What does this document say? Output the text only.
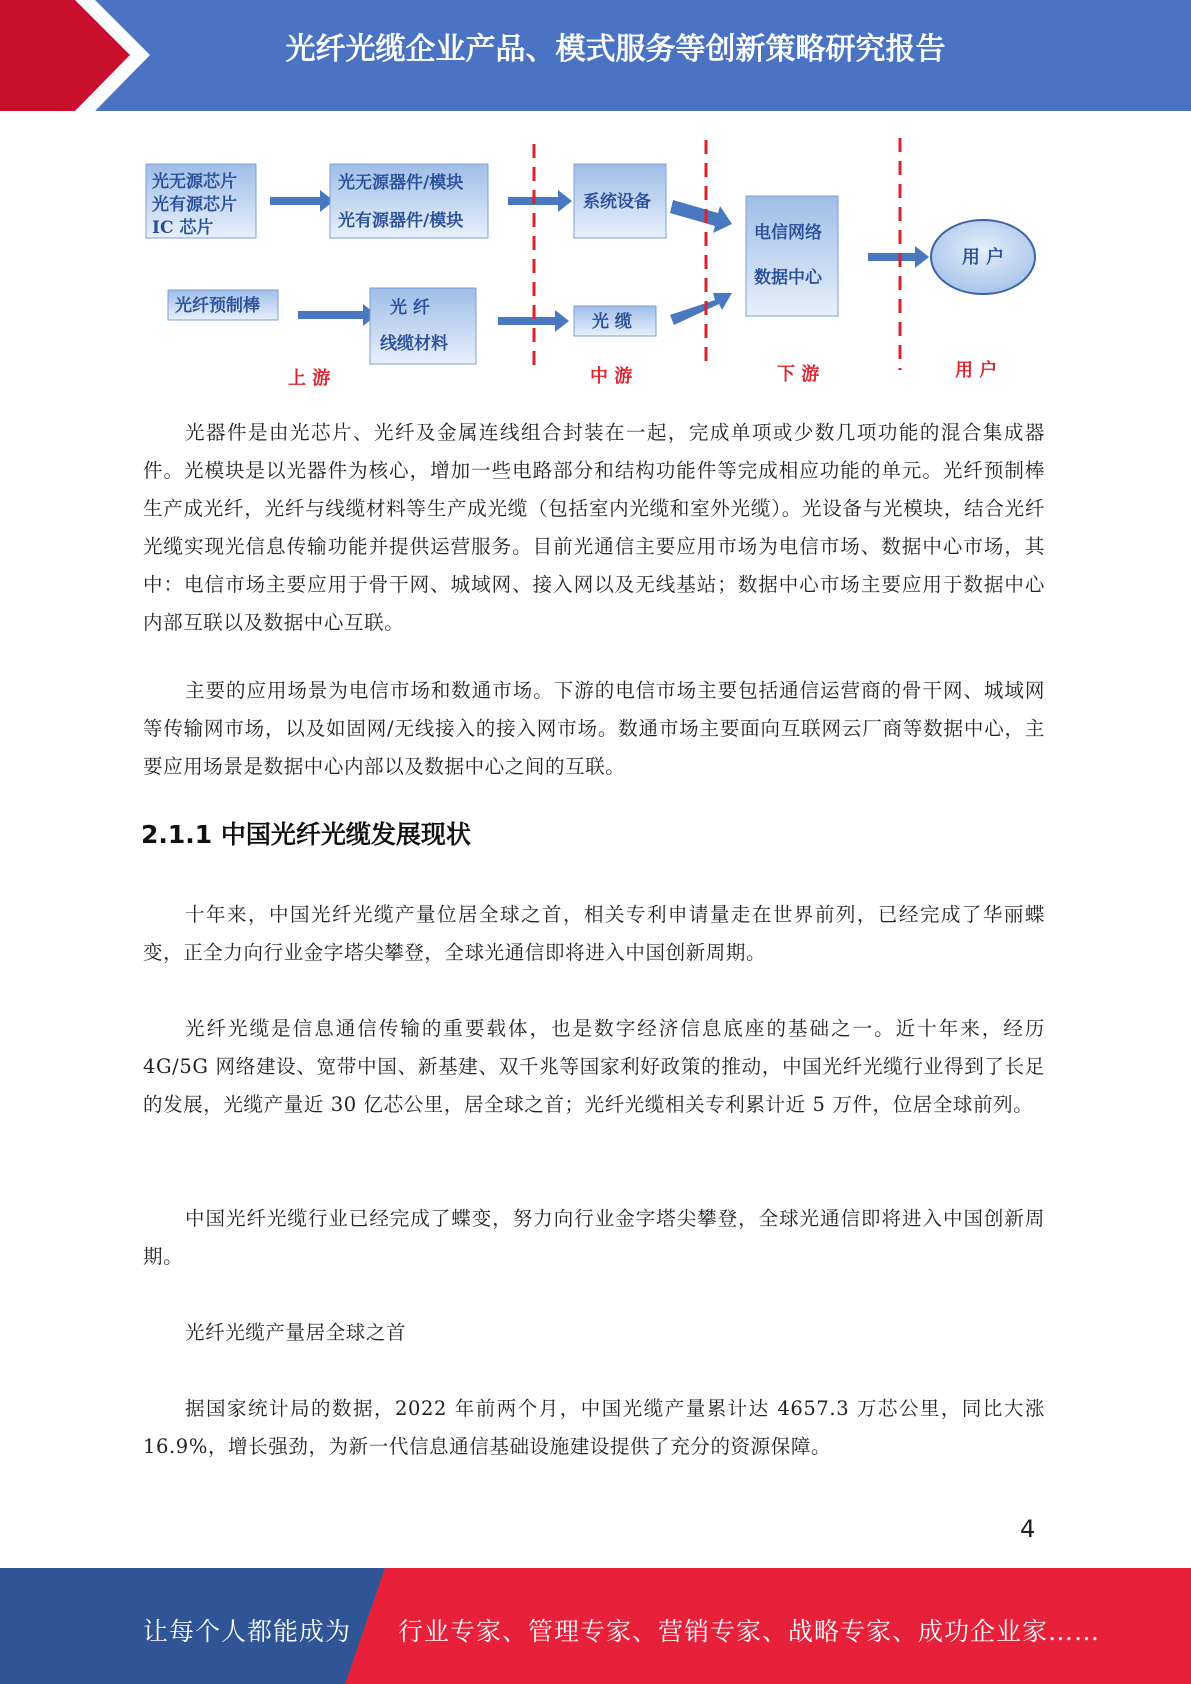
光纤光缆企业产品、模式服务等创新策略研究报告
光无源芯片
光有源芯片
IC 芯片
光无源器件/模块
光有源器件/模块
系统设备
光纤预制棒	光 纤
线缆材料
光 缆
电信网络
数据中心
用 户
上 游	中 游	下 游	用 户

光器件是由光芯片、光纤及金属连线组合封装在一起，完成单项或少数几项功能的混合集成器件。光模块是以光器件为核心，增加一些电路部分和结构功能件等完成相应功能的单元。光纤预制棒生产成光纤，光纤与线缆材料等生产成光缆（包括室内光缆和室外光缆）。光设备与光模块，结合光纤光缆实现光信息传输功能并提供运营服务。目前光通信主要应用市场为电信市场、数据中心市场，其中：电信市场主要应用于骨干网、城域网、接入网以及无线基站；数据中心市场主要应用于数据中心内部互联以及数据中心互联。

主要的应用场景为电信市场和数通市场。下游的电信市场主要包括通信运营商的骨干网、城域网等传输网市场，以及如固网/无线接入的接入网市场。数通市场主要面向互联网云厂商等数据中心，主要应用场景是数据中心内部以及数据中心之间的互联。

2.1.1 中国光纤光缆发展现状

十年来，中国光纤光缆产量位居全球之首，相关专利申请量走在世界前列，已经完成了华丽蝶变，正全力向行业金字塔尖攀登，全球光通信即将进入中国创新周期。

光纤光缆是信息通信传输的重要载体，也是数字经济信息底座的基础之一。近十年来，经历4G/5G 网络建设、宽带中国、新基建、双千兆等国家利好政策的推动，中国光纤光缆行业得到了长足的发展，光缆产量近 30 亿芯公里，居全球之首；光纤光缆相关专利累计近 5 万件，位居全球前列。

中国光纤光缆行业已经完成了蝶变，努力向行业金字塔尖攀登，全球光通信即将进入中国创新周期。

光纤光缆产量居全球之首

据国家统计局的数据，2022 年前两个月，中国光缆产量累计达 4657.3 万芯公里，同比大涨16.9%，增长强劲，为新一代信息通信基础设施建设提供了充分的资源保障。

4
让每个人都能成为 行业专家、管理专家、营销专家、战略专家、成功企业家……
